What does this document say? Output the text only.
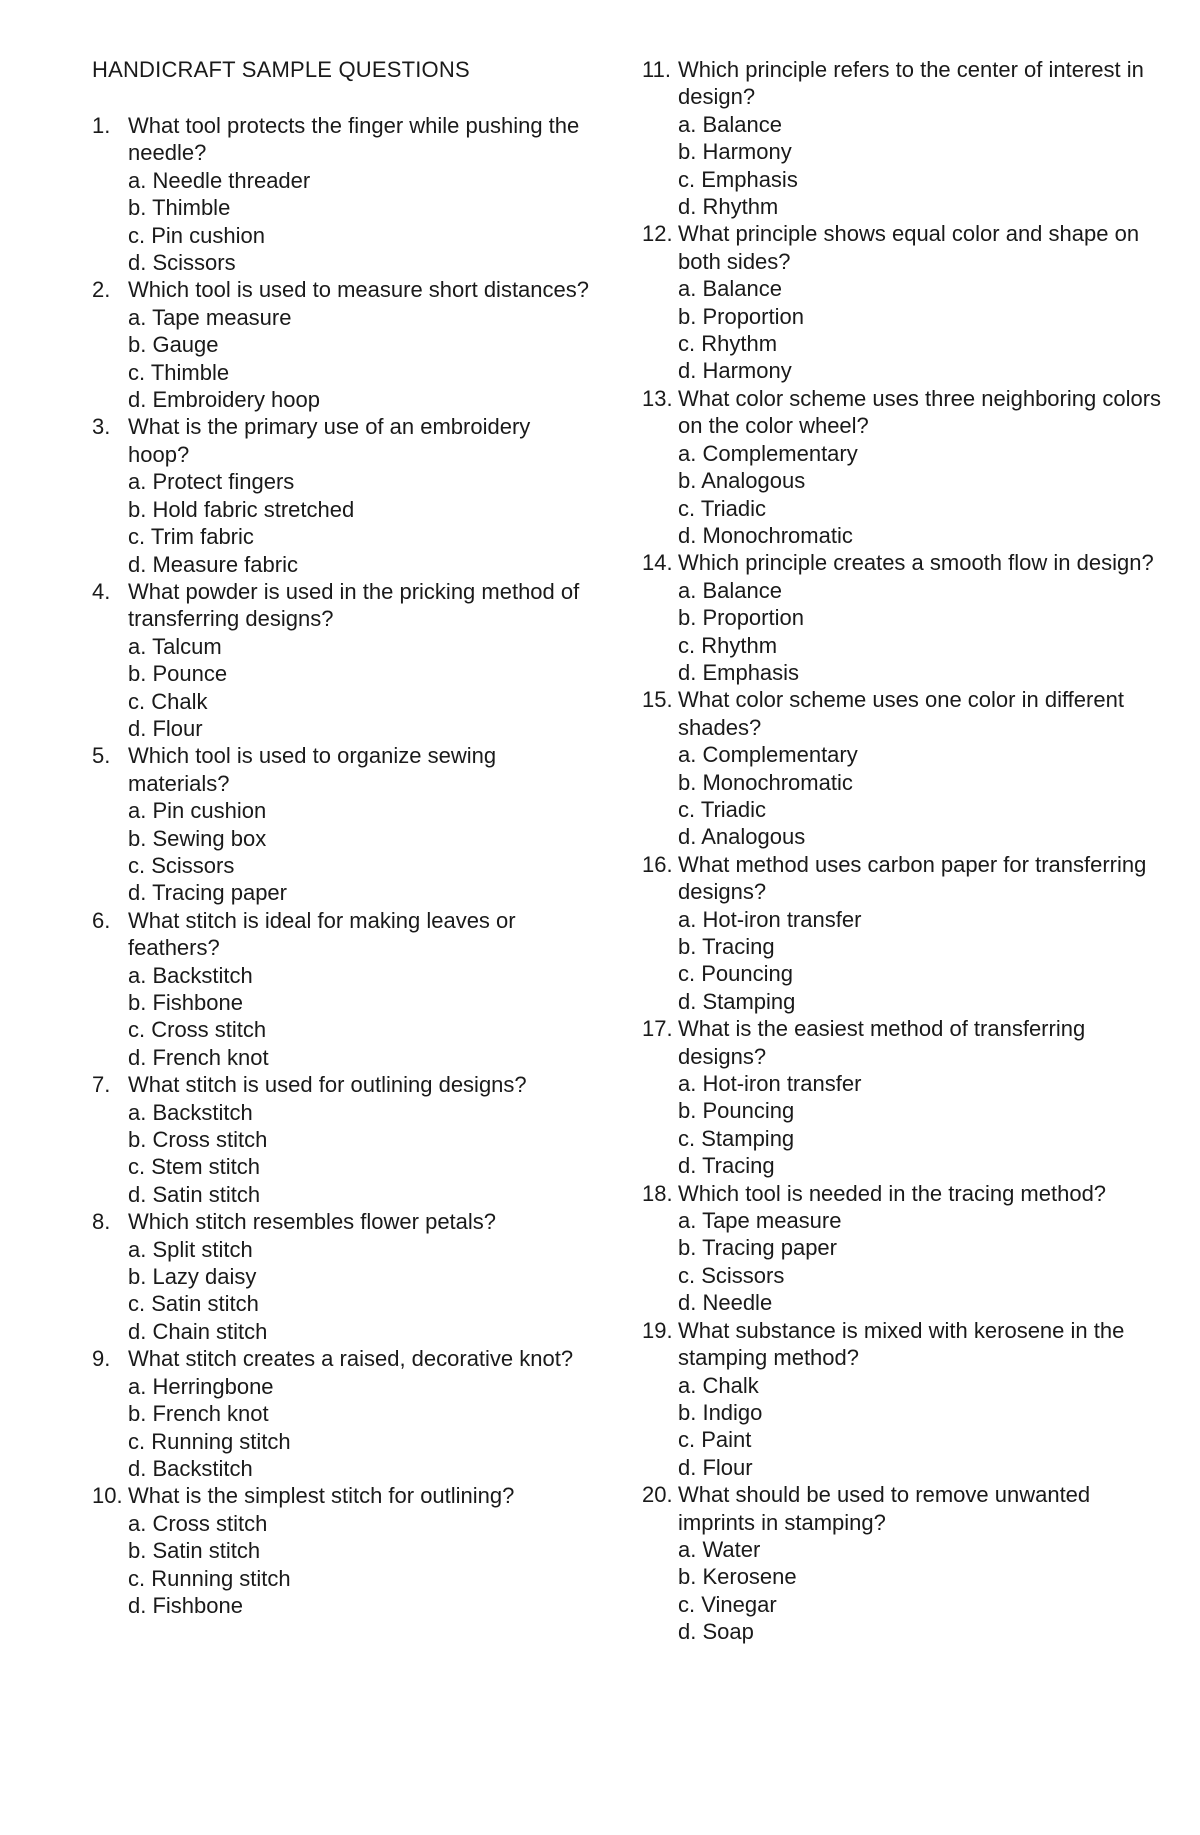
HANDICRAFT SAMPLE QUESTIONS
1. What tool protects the finger while pushing the needle?
a. Needle threader
b. Thimble
c. Pin cushion
d. Scissors
2. Which tool is used to measure short distances?
a. Tape measure
b. Gauge
c. Thimble
d. Embroidery hoop
3. What is the primary use of an embroidery hoop?
a. Protect fingers
b. Hold fabric stretched
c. Trim fabric
d. Measure fabric
4. What powder is used in the pricking method of transferring designs?
a. Talcum
b. Pounce
c. Chalk
d. Flour
5. Which tool is used to organize sewing materials?
a. Pin cushion
b. Sewing box
c. Scissors
d. Tracing paper
6. What stitch is ideal for making leaves or feathers?
a. Backstitch
b. Fishbone
c. Cross stitch
d. French knot
7. What stitch is used for outlining designs?
a. Backstitch
b. Cross stitch
c. Stem stitch
d. Satin stitch
8. Which stitch resembles flower petals?
a. Split stitch
b. Lazy daisy
c. Satin stitch
d. Chain stitch
9. What stitch creates a raised, decorative knot?
a. Herringbone
b. French knot
c. Running stitch
d. Backstitch
10. What is the simplest stitch for outlining?
a. Cross stitch
b. Satin stitch
c. Running stitch
d. Fishbone
11. Which principle refers to the center of interest in design?
a. Balance
b. Harmony
c. Emphasis
d. Rhythm
12. What principle shows equal color and shape on both sides?
a. Balance
b. Proportion
c. Rhythm
d. Harmony
13. What color scheme uses three neighboring colors on the color wheel?
a. Complementary
b. Analogous
c. Triadic
d. Monochromatic
14. Which principle creates a smooth flow in design?
a. Balance
b. Proportion
c. Rhythm
d. Emphasis
15. What color scheme uses one color in different shades?
a. Complementary
b. Monochromatic
c. Triadic
d. Analogous
16. What method uses carbon paper for transferring designs?
a. Hot-iron transfer
b. Tracing
c. Pouncing
d. Stamping
17. What is the easiest method of transferring designs?
a. Hot-iron transfer
b. Pouncing
c. Stamping
d. Tracing
18. Which tool is needed in the tracing method?
a. Tape measure
b. Tracing paper
c. Scissors
d. Needle
19. What substance is mixed with kerosene in the stamping method?
a. Chalk
b. Indigo
c. Paint
d. Flour
20. What should be used to remove unwanted imprints in stamping?
a. Water
b. Kerosene
c. Vinegar
d. Soap
